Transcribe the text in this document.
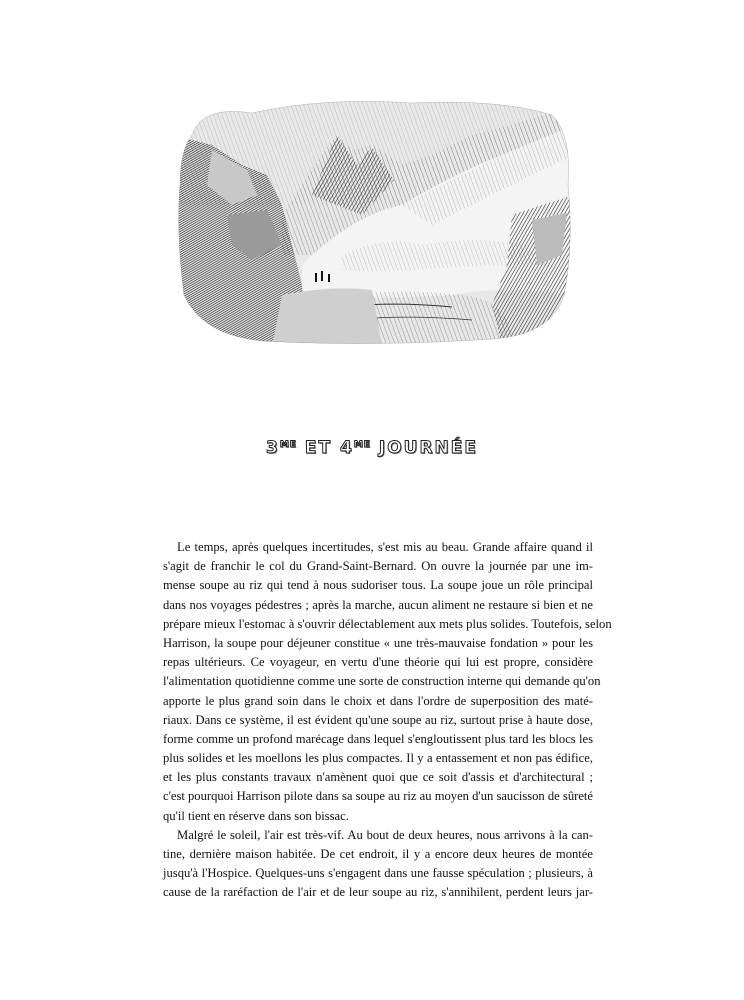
$3^{ME}$ ET $4^{ME}$ JOURNÉE
Le temps, après quelques incertitudes, s'est mis au beau. Grande affaire quand il
s'agit de franchir le col du Grand-Saint-Bernard. On ouvre la journée par une im-
mense soupe au riz qui tend à nous sudoriser tous. La soupe joue un rôle principal
dans nos voyages pédestres ; après la marche, aucun aliment ne restaure si bien et ne
prépare mieux l'estomac à s'ouvrir délectablement aux mets plus solides. Toutefois, selon
Harrison, la soupe pour déjeuner constitue « une très-mauvaise fondation » pour les
repas ultérieurs. Ce voyageur, en vertu d'une théorie qui lui est propre, considère
l'alimentation quotidienne comme une sorte de construction interne qui demande qu'on
apporte le plus grand soin dans le choix et dans l'ordre de superposition des maté-
riaux. Dans ce système, il est évident qu'une soupe au riz, surtout prise à haute dose,
forme comme un profond marécage dans lequel s'engloutissent plus tard les blocs les
plus solides et les moellons les plus compactes. Il y a entassement et non pas édifice,
et les plus constants travaux n'amènent quoi que ce soit d'assis et d'architectural ;
c'est pourquoi Harrison pilote dans sa soupe au riz au moyen d'un saucisson de sûreté
qu'il tient en réserve dans son bissac.
Malgré le soleil, l'air est très-vif. Au bout de deux heures, nous arrivons à la can-
tine, dernière maison habitée. De cet endroit, il y a encore deux heures de montée
jusqu'à l'Hospice. Quelques-uns s'engagent dans une fausse spéculation ; plusieurs, à
cause de la raréfaction de l'air et de leur soupe au riz, s'annihilent, perdent leurs jar-
